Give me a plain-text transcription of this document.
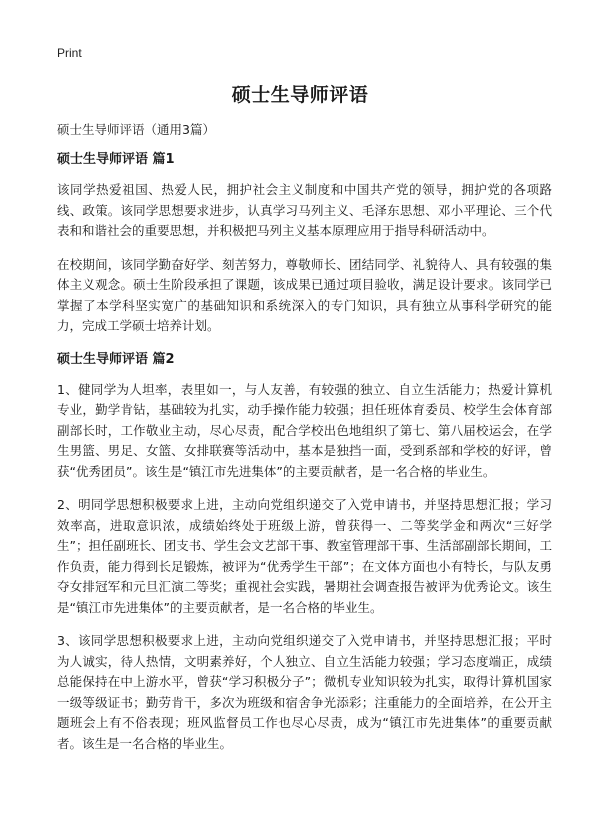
Print
硕士生导师评语
硕士生导师评语（通用3篇）
硕士生导师评语 篇1

该同学热爱祖国、热爱人民，拥护社会主义制度和中国共产党的领导，拥护党的各项路线、政策。该同学思想要求进步，认真学习马列主义、毛泽东思想、邓小平理论、三个代表和和谐社会的重要思想，并积极把马列主义基本原理应用于指导科研活动中。

在校期间，该同学勤奋好学、刻苦努力，尊敬师长、团结同学、礼貌待人、具有较强的集体主义观念。硕士生阶段承担了课题，该成果已通过项目验收，满足设计要求。该同学已掌握了本学科坚实宽广的基础知识和系统深入的专门知识，具有独立从事科学研究的能力，完成工学硕士培养计划。

硕士生导师评语 篇2

1、健同学为人坦率，表里如一，与人友善，有较强的独立、自立生活能力；热爱计算机专业，勤学肯钻，基础较为扎实，动手操作能力较强；担任班体育委员、校学生会体育部副部长时，工作敬业主动，尽心尽责，配合学校出色地组织了第七、第八届校运会，在学生男篮、男足、女篮、女排联赛等活动中，基本是独挡一面，受到系部和学校的好评，曾获“优秀团员”。该生是“镇江市先进集体”的主要贡献者，是一名合格的毕业生。

2、明同学思想积极要求上进，主动向党组织递交了入党申请书，并坚持思想汇报；学习效率高，进取意识浓，成绩始终处于班级上游，曾获得一、二等奖学金和两次“三好学生”；担任副班长、团支书、学生会文艺部干事、教室管理部干事、生活部副部长期间，工作负责，能力得到长足锻炼，被评为“优秀学生干部”；在文体方面也小有特长，与队友勇夺女排冠军和元旦汇演二等奖；重视社会实践，暑期社会调查报告被评为优秀论文。该生是“镇江市先进集体”的主要贡献者，是一名合格的毕业生。

3、该同学思想积极要求上进，主动向党组织递交了入党申请书，并坚持思想汇报；平时为人诚实，待人热情，文明素养好，个人独立、自立生活能力较强；学习态度端正，成绩总能保持在中上游水平，曾获“学习积极分子”；微机专业知识较为扎实，取得计算机国家一级等级证书；勤劳肯干，多次为班级和宿舍争光添彩；注重能力的全面培养，在公开主题班会上有不俗表现；班风监督员工作也尽心尽责，成为“镇江市先进集体”的重要贡献者。该生是一名合格的毕业生。
